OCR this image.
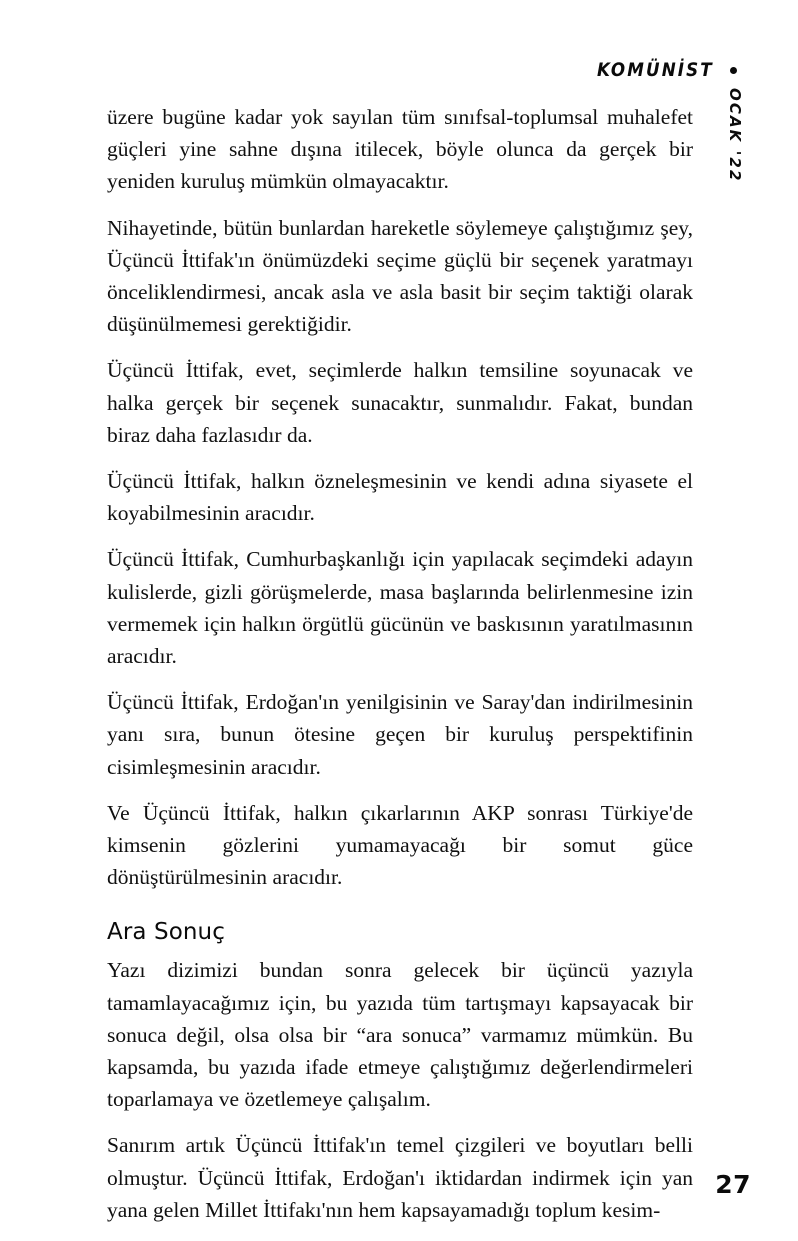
KOMÜNİST
OCAK '22

üzere bugüne kadar yok sayılan tüm sınıfsal-toplumsal muhalefet güçleri yine sahne dışına itilecek, böyle olunca da gerçek bir yeniden kuruluş mümkün olmayacaktır.

Nihayetinde, bütün bunlardan hareketle söylemeye çalıştığımız şey, Üçüncü İttifak'ın önümüzdeki seçime güçlü bir seçenek yaratmayı önceliklendirmesi, ancak asla ve asla basit bir seçim taktiği olarak düşünülmemesi gerektiğidir.

Üçüncü İttifak, evet, seçimlerde halkın temsiline soyunacak ve halka gerçek bir seçenek sunacaktır, sunmalıdır. Fakat, bundan biraz daha fazlasıdır da.

Üçüncü İttifak, halkın özneleşmesinin ve kendi adına siyasete el koyabilmesinin aracıdır.

Üçüncü İttifak, Cumhurbaşkanlığı için yapılacak seçimdeki adayın kulislerde, gizli görüşmelerde, masa başlarında belirlenmesine izin vermemek için halkın örgütlü gücünün ve baskısının yaratılmasının aracıdır.

Üçüncü İttifak, Erdoğan'ın yenilgisinin ve Saray'dan indirilmesinin yanı sıra, bunun ötesine geçen bir kuruluş perspektifinin cisimleşmesinin aracıdır.

Ve Üçüncü İttifak, halkın çıkarlarının AKP sonrası Türkiye'de kimsenin gözlerini yumamayacağı bir somut güce dönüştürülmesinin aracıdır.

Ara Sonuç

Yazı dizimizi bundan sonra gelecek bir üçüncü yazıyla tamamlayacağımız için, bu yazıda tüm tartışmayı kapsayacak bir sonuca değil, olsa olsa bir “ara sonuca” varmamız mümkün. Bu kapsamda, bu yazıda ifade etmeye çalıştığımız değerlendirmeleri toparlamaya ve özetlemeye çalışalım.

Sanırım artık Üçüncü İttifak'ın temel çizgileri ve boyutları belli olmuştur. Üçüncü İttifak, Erdoğan'ı iktidardan indirmek için yan yana gelen Millet İttifakı'nın hem kapsayamadığı toplum kesim-

27
